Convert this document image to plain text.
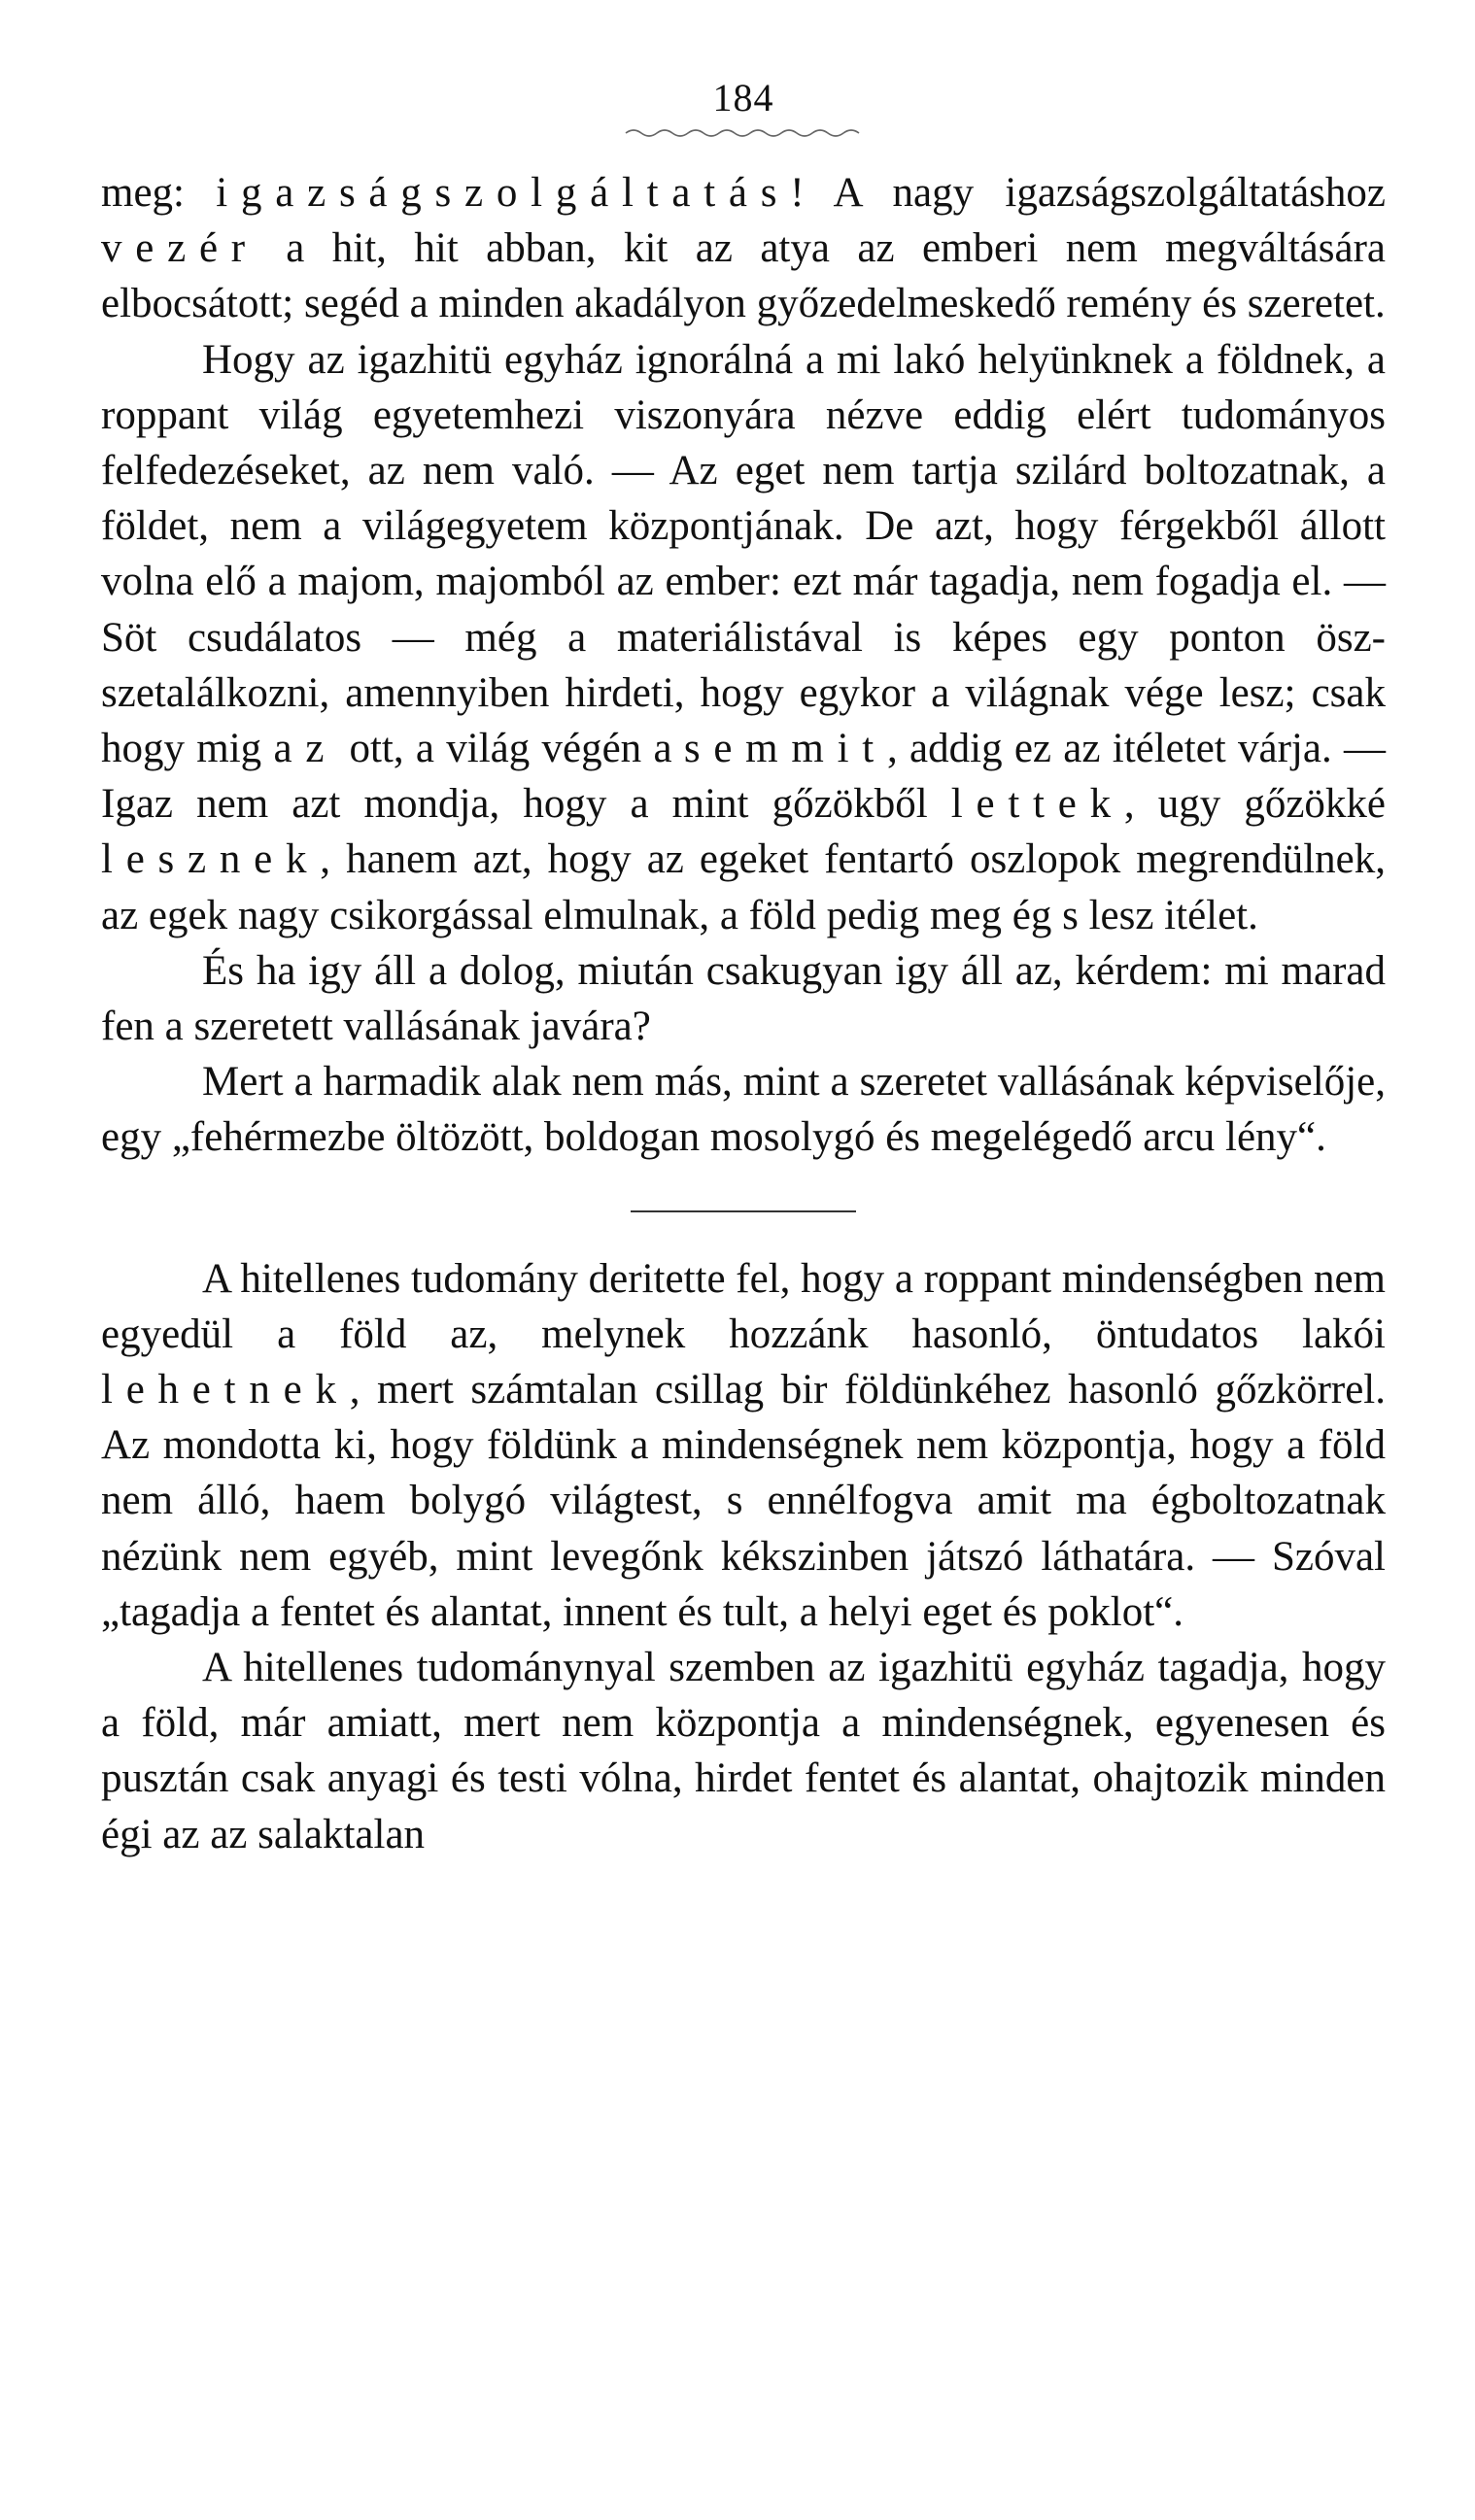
184

meg: igazságszolgáltatás! A nagy igazságszolgáltatáshoz vezér a hit, hit abban, kit az atya az emberi nem megváltására elbocsátott; segéd a minden akadályon győzedelmeskedő remény és szeretet.

Hogy az igazhitü egyház ignorálná a mi lakó helyünknek a földnek, a roppant világ egyetemhezi viszonyára nézve eddig elért tudományos felfedezéseket, az nem való. — Az eget nem tartja szilárd boltozatnak, a földet, nem a világegyetem központjának. De azt, hogy férgekből állott volna elő a majom, majomból az ember: ezt már tagadja, nem fogadja el. — Söt csudálatos — még a materiálistával is képes egy ponton öszszetalálkozni, amennyiben hirdeti, hogy egykor a világnak vége lesz; csak hogy mig az ott, a világ végén a semmit, addig ez az itéletet várja. — Igaz nem azt mondja, hogy a mint gőzökből lettek, ugy gőzökké lesznek, hanem azt, hogy az egeket fentartó oszlopok megrendülnek, az egek nagy csikorgással elmulnak, a föld pedig meg ég s lesz itélet.

És ha igy áll a dolog, miután csakugyan igy áll az, kérdem: mi marad fen a szeretett vallásának javára?

Mert a harmadik alak nem más, mint a szeretet vallásának képviselője, egy „fehérmezbe öltözött, boldogan mosolygó és megelégedő arcu lény“.

A hitellenes tudomány deritette fel, hogy a roppant mindenségben nem egyedül a föld az, melynek hozzánk hasonló, öntudatos lakói lehetnek, mert számtalan csillag bir földünkéhez hasonló gőzkörrel. Az mondotta ki, hogy földünk a mindenségnek nem központja, hogy a föld nem álló, haem bolygó világtest, s ennélfogva amit ma égboltozatnak nézünk nem egyéb, mint levegőnk kékszinben játszó láthatára. — Szóval „tagadja a fentet és alantat, innent és tult, a helyi eget és poklot“.

A hitellenes tudománynyal szemben az igazhitü egyház tagadja, hogy a föld, már amiatt, mert nem központja a mindenségnek, egyenesen és pusztán csak anyagi és testi vólna, hirdet fentet és alantat, ohajtozik minden égi az az salaktalan
